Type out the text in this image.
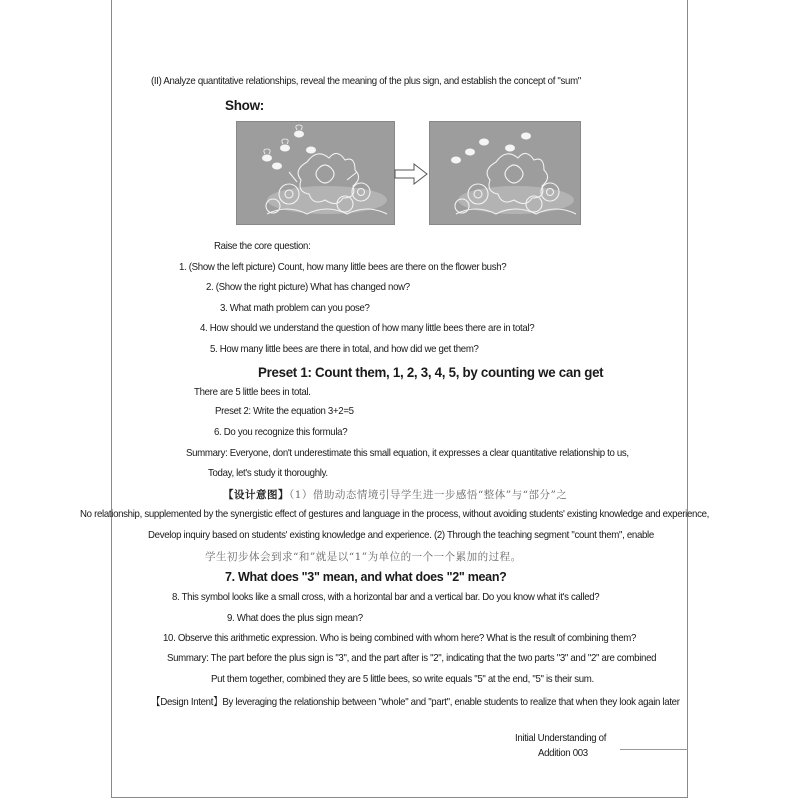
(II) Analyze quantitative relationships, reveal the meaning of the plus sign, and establish the concept of "sum"
Show:
Raise the core question:
1. (Show the left picture) Count, how many little bees are there on the flower bush?
2. (Show the right picture) What has changed now?
3. What math problem can you pose?
4. How should we understand the question of how many little bees there are in total?
5. How many little bees are there in total, and how did we get them?
Preset 1: Count them, 1, 2, 3, 4, 5, by counting we can get
There are 5 little bees in total.
Preset 2: Write the equation 3+2=5
6. Do you recognize this formula?
Summary: Everyone, don't underestimate this small equation, it expresses a clear quantitative relationship to us,
Today, let's study it thoroughly.
【设计意图】（1）借助动态情境引导学生进一步感悟“整体”与“部分”之
No relationship, supplemented by the synergistic effect of gestures and language in the process, without avoiding students' existing knowledge and experience,
Develop inquiry based on students' existing knowledge and experience. (2) Through the teaching segment "count them", enable
学生初步体会到求“和”就是以“1”为单位的一个一个累加的过程。
7. What does "3" mean, and what does "2" mean?
8. This symbol looks like a small cross, with a horizontal bar and a vertical bar. Do you know what it's called?
9. What does the plus sign mean?
10. Observe this arithmetic expression. Who is being combined with whom here? What is the result of combining them?
Summary: The part before the plus sign is "3", and the part after is "2", indicating that the two parts "3" and "2" are combined
Put them together, combined they are 5 little bees, so write equals "5" at the end, "5" is their sum.
【Design Intent】By leveraging the relationship between "whole" and "part", enable students to realize that when they look again later
Initial Understanding of
Addition 003
